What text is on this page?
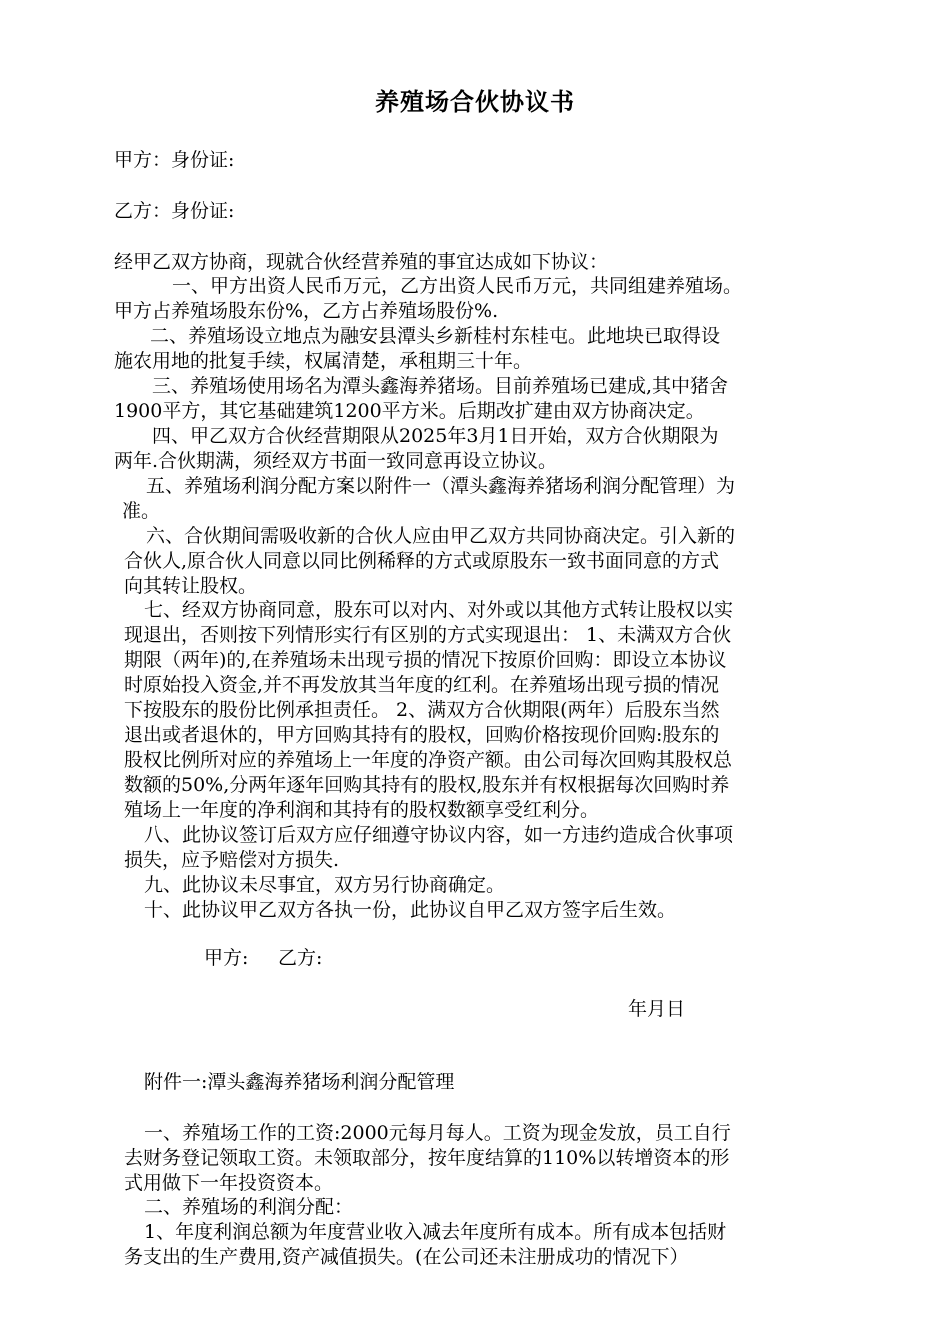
养殖场合伙协议书
甲方：身份证:
乙方：身份证:
经甲乙双方协商，现就合伙经营养殖的事宜达成如下协议：
一、甲方出资人民币万元，乙方出资人民币万元，共同组建养殖场。
甲方占养殖场股东份%，乙方占养殖场股份%.
二、养殖场设立地点为融安县潭头乡新桂村东桂屯。此地块已取得设
施农用地的批复手续，权属清楚，承租期三十年。
三、养殖场使用场名为潭头鑫海养猪场。目前养殖场已建成,其中猪舍
1900平方，其它基础建筑1200平方米。后期改扩建由双方协商决定。
四、甲乙双方合伙经营期限从2025年3月1日开始，双方合伙期限为
两年.合伙期满，须经双方书面一致同意再设立协议。
五、养殖场利润分配方案以附件一（潭头鑫海养猪场利润分配管理）为
准。
六、合伙期间需吸收新的合伙人应由甲乙双方共同协商决定。引入新的
合伙人,原合伙人同意以同比例稀释的方式或原股东一致书面同意的方式
向其转让股权。
七、经双方协商同意，股东可以对内、对外或以其他方式转让股权以实
现退出，否则按下列情形实行有区别的方式实现退出： 1、未满双方合伙
期限（两年)的,在养殖场未出现亏损的情况下按原价回购：即设立本协议
时原始投入资金,并不再发放其当年度的红利。在养殖场出现亏损的情况
下按股东的股份比例承担责任。 2、满双方合伙期限(两年）后股东当然
退出或者退休的，甲方回购其持有的股权，回购价格按现价回购:股东的
股权比例所对应的养殖场上一年度的净资产额。由公司每次回购其股权总
数额的50%,分两年逐年回购其持有的股权,股东并有权根据每次回购时养
殖场上一年度的净利润和其持有的股权数额享受红利分。
八、此协议签订后双方应仔细遵守协议内容，如一方违约造成合伙事项
损失，应予赔偿对方损失.
九、此协议未尽事宜，双方另行协商确定。
十、此协议甲乙双方各执一份，此协议自甲乙双方签字后生效。
甲方: 乙方:
年月日
附件一:潭头鑫海养猪场利润分配管理
一、养殖场工作的工资:2000元每月每人。工资为现金发放，员工自行
去财务登记领取工资。未领取部分，按年度结算的110%以转增资本的形
式用做下一年投资资本。
二、养殖场的利润分配：
1、年度利润总额为年度营业收入减去年度所有成本。所有成本包括财
务支出的生产费用,资产减值损失。(在公司还未注册成功的情况下）
